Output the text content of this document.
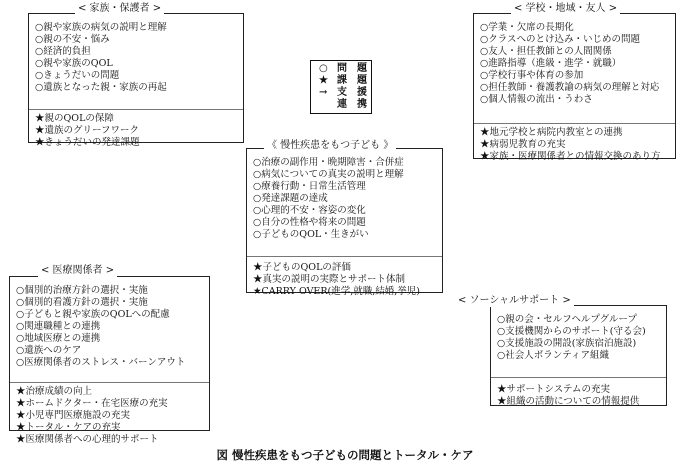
○親や家族の病気の説明と理解
○親の不安・悩み
○経済的負担
○親や家族のQOL
○きょうだいの問題
○遺族となった親・家族の再起
★親のQOLの保障
★遺族のグリーフワーク
★きょうだいの発達課題
< 家族・保護者 >
○学業・欠席の長期化
○クラスへのとけ込み・いじめの問題
○友人・担任教師との人間関係
○進路指導（進級・進学・就職）
○学校行事や体育の参加
○担任教師・養護教諭の病気の理解と対応
○個人情報の流出・うわさ
★地元学校と病院内教室との連携
★病弱児教育の充実
★家族・医療関係者との情報交換のあり方
< 学校・地域・友人 >
○ 問　題
★ 課　題
→ 支　援
連　携
○治療の副作用・晩期障害・合併症
○病気についての真実の説明と理解
○療養行動・日常生活管理
○発達課題の達成
○心理的不安・容姿の変化
○自分の性格や将来の問題
○子どものQOL・生きがい
★子どものQOLの評価
★真実の説明の実際とサポート体制
★CARRY OVER(進学,就職,結婚,挙児)
《 慢性疾患をもつ子ども 》
○個別的治療方針の選択・実施
○個別的看護方針の選択・実施
○子どもと親や家族のQOLへの配慮
○関連職種との連携
○地域医療との連携
○遺族へのケア
○医療関係者のストレス・バーンアウト
★治療成績の向上
★ホームドクター・在宅医療の充実
★小児専門医療施設の充実
★トータル・ケアの充実
★医療関係者への心理的サポート
< 医療関係者 >
○親の会・セルフヘルプグループ
○支援機関からのサポート(守る会)
○支援施設の開設(家族宿泊施設)
○社会人ボランティア組織
★サポートシステムの充実
★組織の活動についての情報提供
< ソーシャルサポート >
図 慢性疾患をもつ子どもの問題とトータル・ケア
